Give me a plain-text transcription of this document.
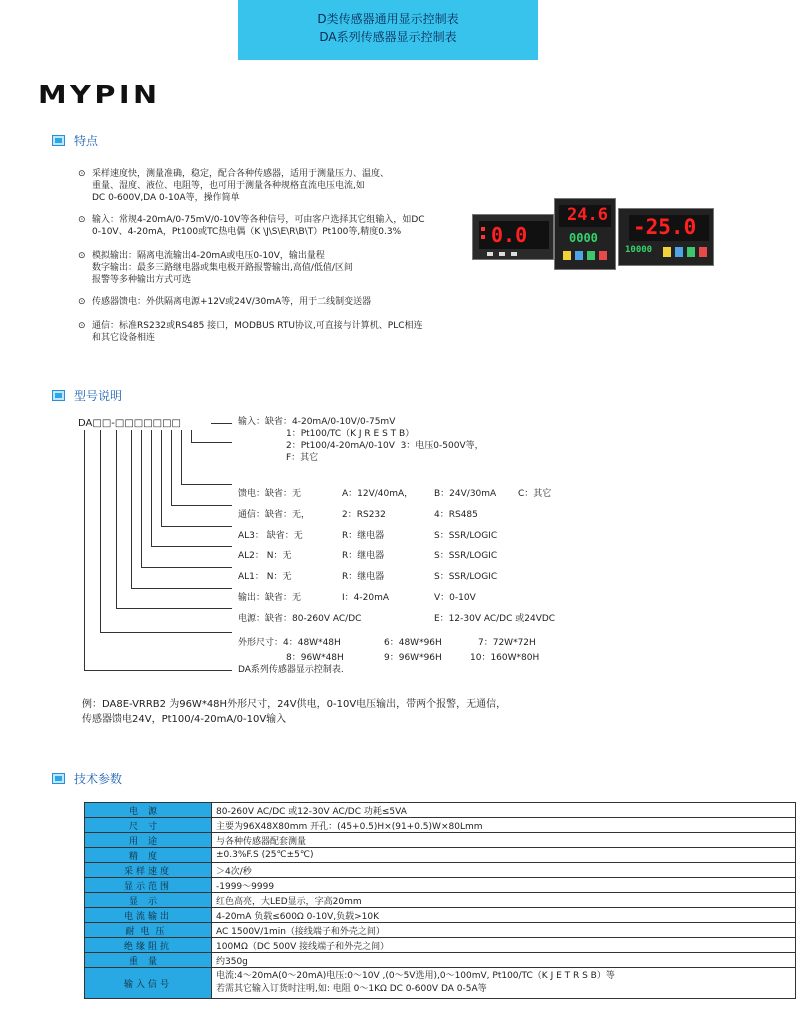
D类传感器通用显示控制表
DA系列传感器显示控制表
MYPIN
特点
⊙ 采样速度快，测量准确，稳定，配合各种传感器，适用于测量压力、温度、
重量、湿度、液位、电阻等，也可用于测量各种规格直流电压电流,如
DC 0-600V,DA 0-10A等，操作简单
⊙ 输入：常规4-20mA/0-75mV/0-10V等各种信号，可由客户选择其它组输入，如DC
0-10V、4-20mA，Pt100或TC热电偶（K \J\S\E\R\B\T）Pt100等,精度0.3%
⊙ 模拟输出：隔离电流输出4-20mA或电压0-10V，输出量程
数字输出：最多三路继电器或集电极开路报警输出,高值/低值/区间
报警等多种输出方式可选
⊙ 传感器馈电：外供隔离电源+12V或24V/30mA等，用于二线制变送器
⊙ 通信：标准RS232或RS485 接口，MODBUS RTU协议,可直接与计算机、PLC相连
和其它设备相连
0.0
24.6
0000 -25.0
10000
型号说明
DA□□-□□□□□□□	输入：缺省：4-20mA/0-10V/0-75mV
1：Pt100/TC（K J R E S T B）
2：Pt100/4-20mA/0-10V  3：电压0-500V等，
F：其它

馈电：缺省：无	A：12V/40mA， B：24V/30mA C：其它

通信：缺省：无，	2：RS232	4：RS485

AL3： 缺省：无	R：继电器	S：SSR/LOGIC

AL2： N：无	R：继电器	S：SSR/LOGIC

AL1： N：无	R：继电器	S：SSR/LOGIC

输出：缺省：无	I：4-20mA	V：0-10V

电源：缺省：80-260V AC/DC	E：12-30V AC/DC 或24VDC

外形尺寸：4：48W*48H	6：48W*96H	7：72W*72H

8：96W*48H	9：96W*96H	10：160W*80H

DA系列传感器显示控制表.
例：DA8E-VRRB2 为96W*48H外形尺寸，24V供电，0-10V电压输出，带两个报警，无通信，
传感器馈电24V，Pt100/4-20mA/0-10V输入
技术参数
电源	80-260V AC/DC 或12-30V AC/DC 功耗≤5VA
尺寸	主要为96X48X80mm 开孔：(45+0.5)H×(91+0.5)W×80Lmm
用途	与各种传感器配套测量
精度	±0.3%F.S (25℃±5℃)
采样速度	＞4次/秒
显示范围	-1999～9999
显示	红色高亮，大LED显示，字高20mm
电流输出	4-20mA 负载≤600Ω 0-10V,负载>10K
耐电压	AC 1500V/1min（接线端子和外壳之间）
绝缘阻抗	100MΩ（DC 500V 接线端子和外壳之间）
重量	约350g
输入信号	电流:4～20mA(0～20mA)电压:0～10V ,(0～5V选用),0～100mV, Pt100/TC（K J E T R S B）等
若需其它输入订货时注明,如: 电阻 0～1KΩ DC 0-600V DA 0-5A等
